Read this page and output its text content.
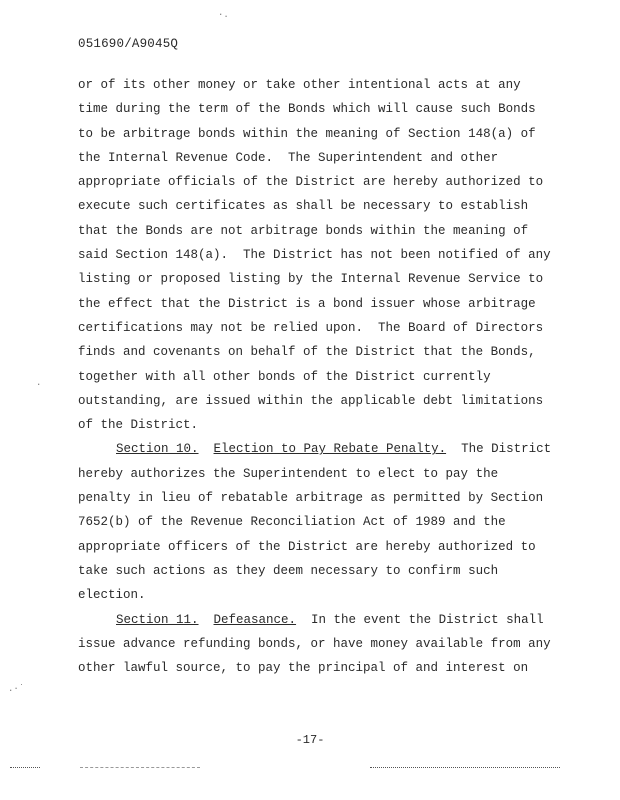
051690/A9045Q
·.
.·˙
.
or of its other money or take other intentional acts at any
time during the term of the Bonds which will cause such Bonds
to be arbitrage bonds within the meaning of Section 148(a) of
the Internal Revenue Code.  The Superintendent and other
appropriate officials of the District are hereby authorized to
execute such certificates as shall be necessary to establish
that the Bonds are not arbitrage bonds within the meaning of
said Section 148(a).  The District has not been notified of any
listing or proposed listing by the Internal Revenue Service to
the effect that the District is a bond issuer whose arbitrage
certifications may not be relied upon.  The Board of Directors
finds and covenants on behalf of the District that the Bonds,
together with all other bonds of the District currently
outstanding, are issued within the applicable debt limitations
of the District.
Section 10. Election to Pay Rebate Penalty.  The District
hereby authorizes the Superintendent to elect to pay the
penalty in lieu of rebatable arbitrage as permitted by Section
7652(b) of the Revenue Reconciliation Act of 1989 and the
appropriate officers of the District are hereby authorized to
take such actions as they deem necessary to confirm such
election.
Section 11. Defeasance.  In the event the District shall
issue advance refunding bonds, or have money available from any
other lawful source, to pay the principal of and interest on
-17-
